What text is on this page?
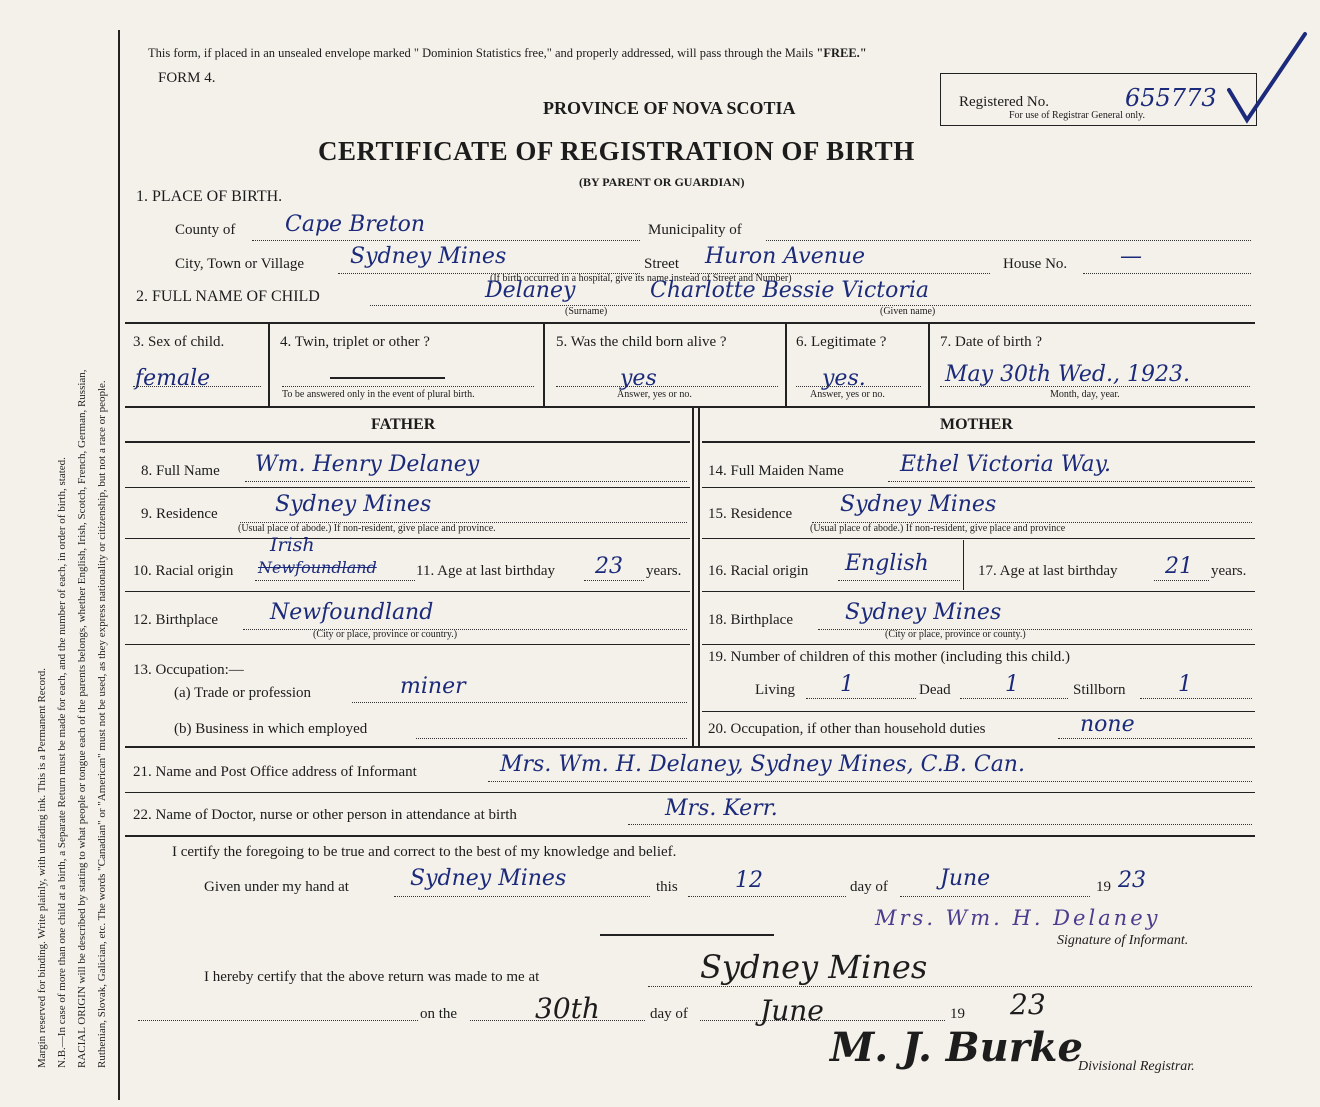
Margin reserved for binding. Write plainly, with unfading ink. This is a Permanent Record. N.B.—In case of more than one child at a birth, a Separate Return must be made for each, and the number of each, in order of birth, stated. RACIAL ORIGIN will be described by stating to what people or tongue each of the parents belongs, whether English, Irish, Scotch, French, German, Russian, Ruthenian, Slovak, Galician, etc. The words "Canadian" or "American" must not be used, as they express nationality or citizenship, but not a race or people.
This form, if placed in an unsealed envelope marked " Dominion Statistics free," and properly addressed, will pass through the Mails "FREE."
FORM 4.
PROVINCE OF NOVA SCOTIA
CERTIFICATE OF REGISTRATION OF BIRTH
(BY PARENT OR GUARDIAN)
Registered No.	655773
For use of Registrar General only.
1. PLACE OF BIRTH.
County of Cape Breton	Municipality of
City, Town or Village Sydney Mines	Street Huron Avenue
(If birth occurred in a hospital, give its name instead of Street and Number)
House No. —
2. FULL NAME OF CHILD	Delaney	Charlotte Bessie Victoria
(Surname)	(Given name)
3. Sex of child.
female
4. Twin, triplet or other ?
To be answered only in the event of plural birth.
5. Was the child born alive ?
yes
Answer, yes or no.
6. Legitimate ?
yes.
Answer, yes or no.
7. Date of birth ?
May 30th Wed., 1923.
Month, day, year.
FATHER	MOTHER
8. Full Name Wm. Henry Delaney
9. Residence	Sydney Mines
(Usual place of abode.) If non-resident, give place and province.
10. Racial origin
Irish
Newfoundland	11. Age at last birthday 23 years.
12. Birthplace Newfoundland
(City or place, province or country.)
13. Occupation:—
(a) Trade or profession	miner
(b) Business in which employed
14. Full Maiden Name	Ethel Victoria Way.
15. Residence Sydney Mines
(Usual place of abode.) If non-resident, give place and province
16. Racial origin English	17. Age at last birthday 21 years.
18. Birthplace Sydney Mines
(City or place, province or county.)
19. Number of children of this mother (including this child.)
Living 1	Dead 1	Stillborn 1
20. Occupation, if other than household duties	none
21. Name and Post Office address of Informant	Mrs. Wm. H. Delaney, Sydney Mines, C.B. Can.
22. Name of Doctor, nurse or other person in attendance at birth	Mrs. Kerr.
I certify the foregoing to be true and correct to the best of my knowledge and belief.
Given under my hand at	Sydney Mines	this	12	day of June	19 23
Mrs. Wm. H. Delaney
Signature of Informant.
I hereby certify that the above return was made to me at	Sydney Mines
on the	30th	day of	June	19 23
M. J. Burke
Divisional Registrar.
